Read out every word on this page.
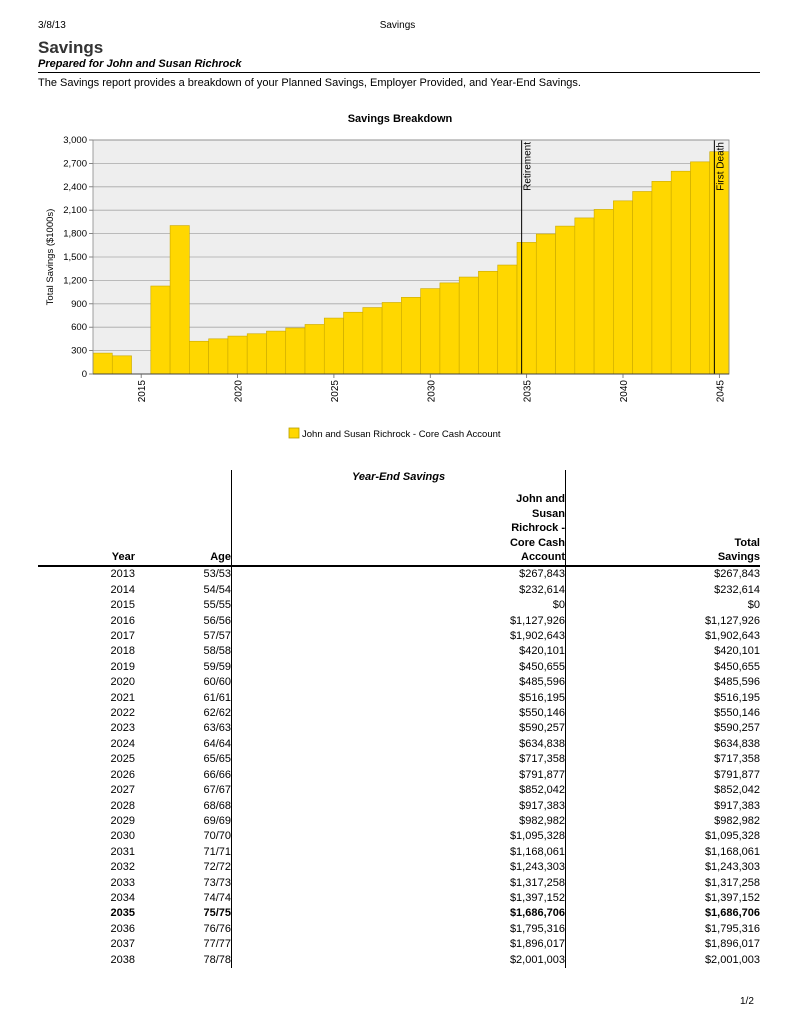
3/8/13	Savings
Savings
Prepared for John and Susan Richrock
The Savings report provides a breakdown of your Planned Savings, Employer Provided, and Year-End Savings.
Savings Breakdown
Retirement	First Death
0
300
600
900
1,200
1,500
1,800
2,100
2,400
2,700
3,000
2015	2020	2025	2030	2035	2040	2045
Total Savings ($1000s)
John and Susan Richrock - Core Cash Account
		Year-End Savings	
Year	Age	John and Susan Richrock - Core Cash Account	Total Savings
2013	53/53	$267,843	$267,843
2014	54/54	$232,614	$232,614
2015	55/55	$0	$0
2016	56/56	$1,127,926	$1,127,926
2017	57/57	$1,902,643	$1,902,643
2018	58/58	$420,101	$420,101
2019	59/59	$450,655	$450,655
2020	60/60	$485,596	$485,596
2021	61/61	$516,195	$516,195
2022	62/62	$550,146	$550,146
2023	63/63	$590,257	$590,257
2024	64/64	$634,838	$634,838
2025	65/65	$717,358	$717,358
2026	66/66	$791,877	$791,877
2027	67/67	$852,042	$852,042
2028	68/68	$917,383	$917,383
2029	69/69	$982,982	$982,982
2030	70/70	$1,095,328	$1,095,328
2031	71/71	$1,168,061	$1,168,061
2032	72/72	$1,243,303	$1,243,303
2033	73/73	$1,317,258	$1,317,258
2034	74/74	$1,397,152	$1,397,152
2035	75/75	$1,686,706	$1,686,706
2036	76/76	$1,795,316	$1,795,316
2037	77/77	$1,896,017	$1,896,017
2038	78/78	$2,001,003	$2,001,003
1/2
